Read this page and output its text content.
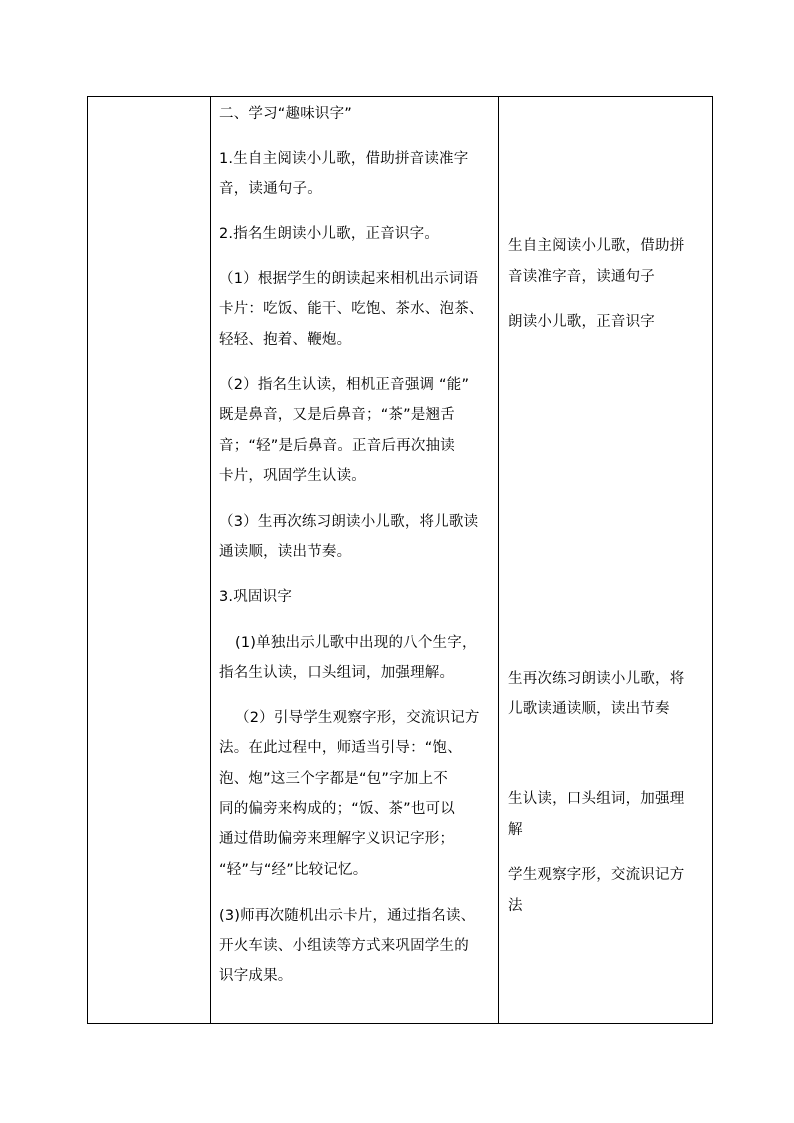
二、学习“趣味识字”
1.生自主阅读小儿歌，借助拼音读准字
音，读通句子。
2.指名生朗读小儿歌，正音识字。
（1）根据学生的朗读起来相机出示词语
卡片：吃饭、能干、吃饱、茶水、泡茶、
轻轻、抱着、鞭炮。
（2）指名生认读，相机正音强调 “能”
既是鼻音，又是后鼻音；“茶”是翘舌
音；“轻”是后鼻音。正音后再次抽读
卡片，巩固学生认读。
（3）生再次练习朗读小儿歌，将儿歌读
通读顺，读出节奏。
3.巩固识字
(1)单独出示儿歌中出现的八个生字，
指名生认读，口头组词，加强理解。
（2）引导学生观察字形，交流识记方
法。在此过程中，师适当引导：“饱、
泡、炮”这三个字都是“包”字加上不
同的偏旁来构成的；“饭、茶”也可以
通过借助偏旁来理解字义识记字形；
“轻”与“经”比较记忆。
(3)师再次随机出示卡片，通过指名读、
开火车读、小组读等方式来巩固学生的
识字成果。
生自主阅读小儿歌，借助拼
音读准字音，读通句子
朗读小儿歌，正音识字
生再次练习朗读小儿歌，将
儿歌读通读顺，读出节奏
生认读，口头组词，加强理
解
学生观察字形，交流识记方
法
